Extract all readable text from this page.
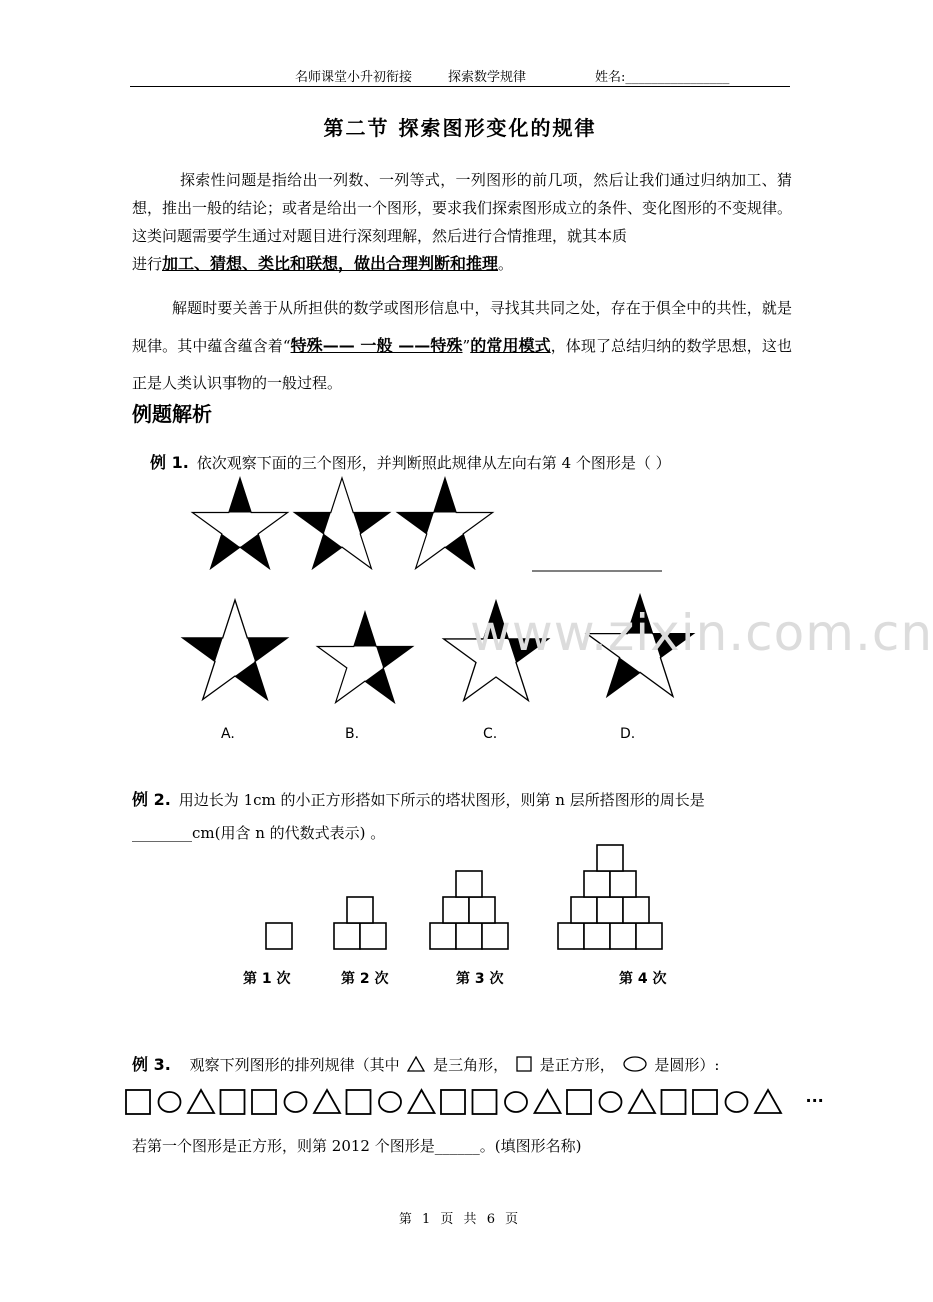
名师课堂小升初衔接	探索数学规律	姓名:________________
第二节 探索图形变化的规律
探索性问题是指给出一列数、一列等式，一列图形的前几项，然后让我们通过归纳加工、猜想，推出一般的结论；或者是给出一个图形，要求我们探索图形成立的条件、变化图形的不变规律。这类问题需要学生通过对题目进行深刻理解，然后进行合情推理，就其本质
进行加工、猜想、类比和联想，做出合理判断和推理。
解题时要关善于从所担供的数学或图形信息中，寻找其共同之处，存在于俱全中的共性，就是规律。其中蕴含蕴含着“特殊—— 一般 ——特殊”的常用模式，体现了总结归纳的数学思想，这也正是人类认识事物的一般过程。
例题解析
例 1. 依次观察下面的三个图形，并判断照此规律从左向右第 4 个图形是（ ）
A.	B.	C.	D.
www.zixin.com.cn
例 2. 用边长为 1cm 的小正方形搭如下所示的塔状图形，则第 n 层所搭图形的周长是
________cm(用含 n 的代数式表示) 。
第 1 次	第 2 次	第 3 次	第 4 次
例 3. 观察下列图形的排列规律（其中 是三角形， 是正方形，	是圆形）:
···
若第一个图形是正方形，则第 2012 个图形是______。(填图形名称)
第 1 页 共 6 页
